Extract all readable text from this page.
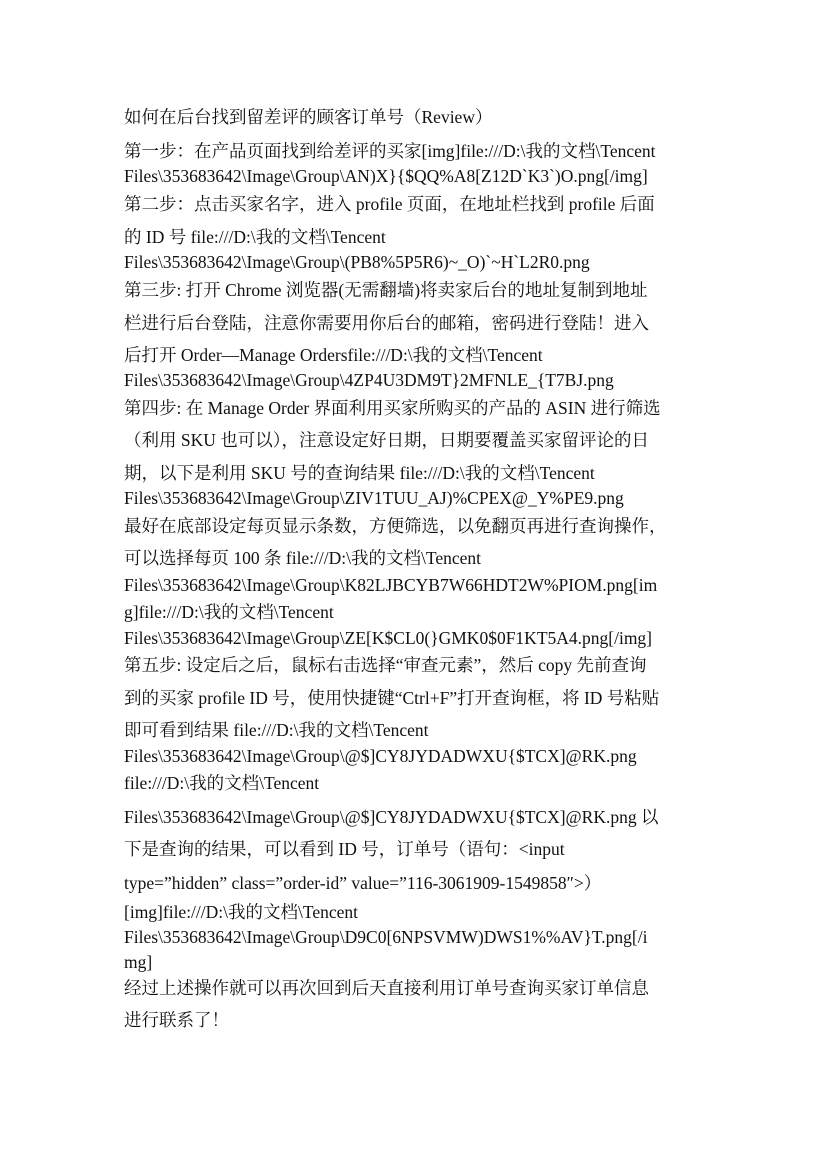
如何在后台找到留差评的顾客订单号（Review）

第一步：在产品页面找到给差评的买家[img]file:///D:\我的文档\Tencent

Files\353683642\Image\Group\AN)X}{$QQ%A8[Z12D`K3`)O.png[/img]

第二步：点击买家名字，进入 profile 页面，在地址栏找到 profile 后面

的 ID 号 file:///D:\我的文档\Tencent

Files\353683642\Image\Group\(PB8%5P5R6)~_O)`~H`L2R0.png

第三步: 打开 Chrome 浏览器(无需翻墙)将卖家后台的地址复制到地址

栏进行后台登陆，注意你需要用你后台的邮箱，密码进行登陆！进入

后打开 Order—Manage Ordersfile:///D:\我的文档\Tencent

Files\353683642\Image\Group\4ZP4U3DM9T}2MFNLE_{T7BJ.png

第四步: 在 Manage Order 界面利用买家所购买的产品的 ASIN 进行筛选

（利用 SKU 也可以），注意设定好日期，日期要覆盖买家留评论的日

期，以下是利用 SKU 号的查询结果 file:///D:\我的文档\Tencent

Files\353683642\Image\Group\ZIV1TUU_AJ)%CPEX@_Y%PE9.png

最好在底部设定每页显示条数，方便筛选，以免翻页再进行查询操作，

可以选择每页 100 条 file:///D:\我的文档\Tencent

Files\353683642\Image\Group\K82LJBCYB7W66HDT2W%PIOM.png[im

g]file:///D:\我的文档\Tencent

Files\353683642\Image\Group\ZE[K$CL0(}GMK0$0F1KT5A4.png[/img]

第五步: 设定后之后，鼠标右击选择“审查元素”，然后 copy 先前查询

到的买家 profile ID 号，使用快捷键“Ctrl+F”打开查询框，将 ID 号粘贴

即可看到结果 file:///D:\我的文档\Tencent

Files\353683642\Image\Group\@$]CY8JYDADWXU{$TCX]@RK.png

file:///D:\我的文档\Tencent

Files\353683642\Image\Group\@$]CY8JYDADWXU{$TCX]@RK.png 以

下是查询的结果，可以看到 ID 号，订单号（语句：<input

type=”hidden” class=”order-id” value=”116-3061909-1549858″>）

[img]file:///D:\我的文档\Tencent

Files\353683642\Image\Group\D9C0[6NPSVMW)DWS1%%AV}T.png[/i

mg]

经过上述操作就可以再次回到后天直接利用订单号查询买家订单信息

进行联系了！
